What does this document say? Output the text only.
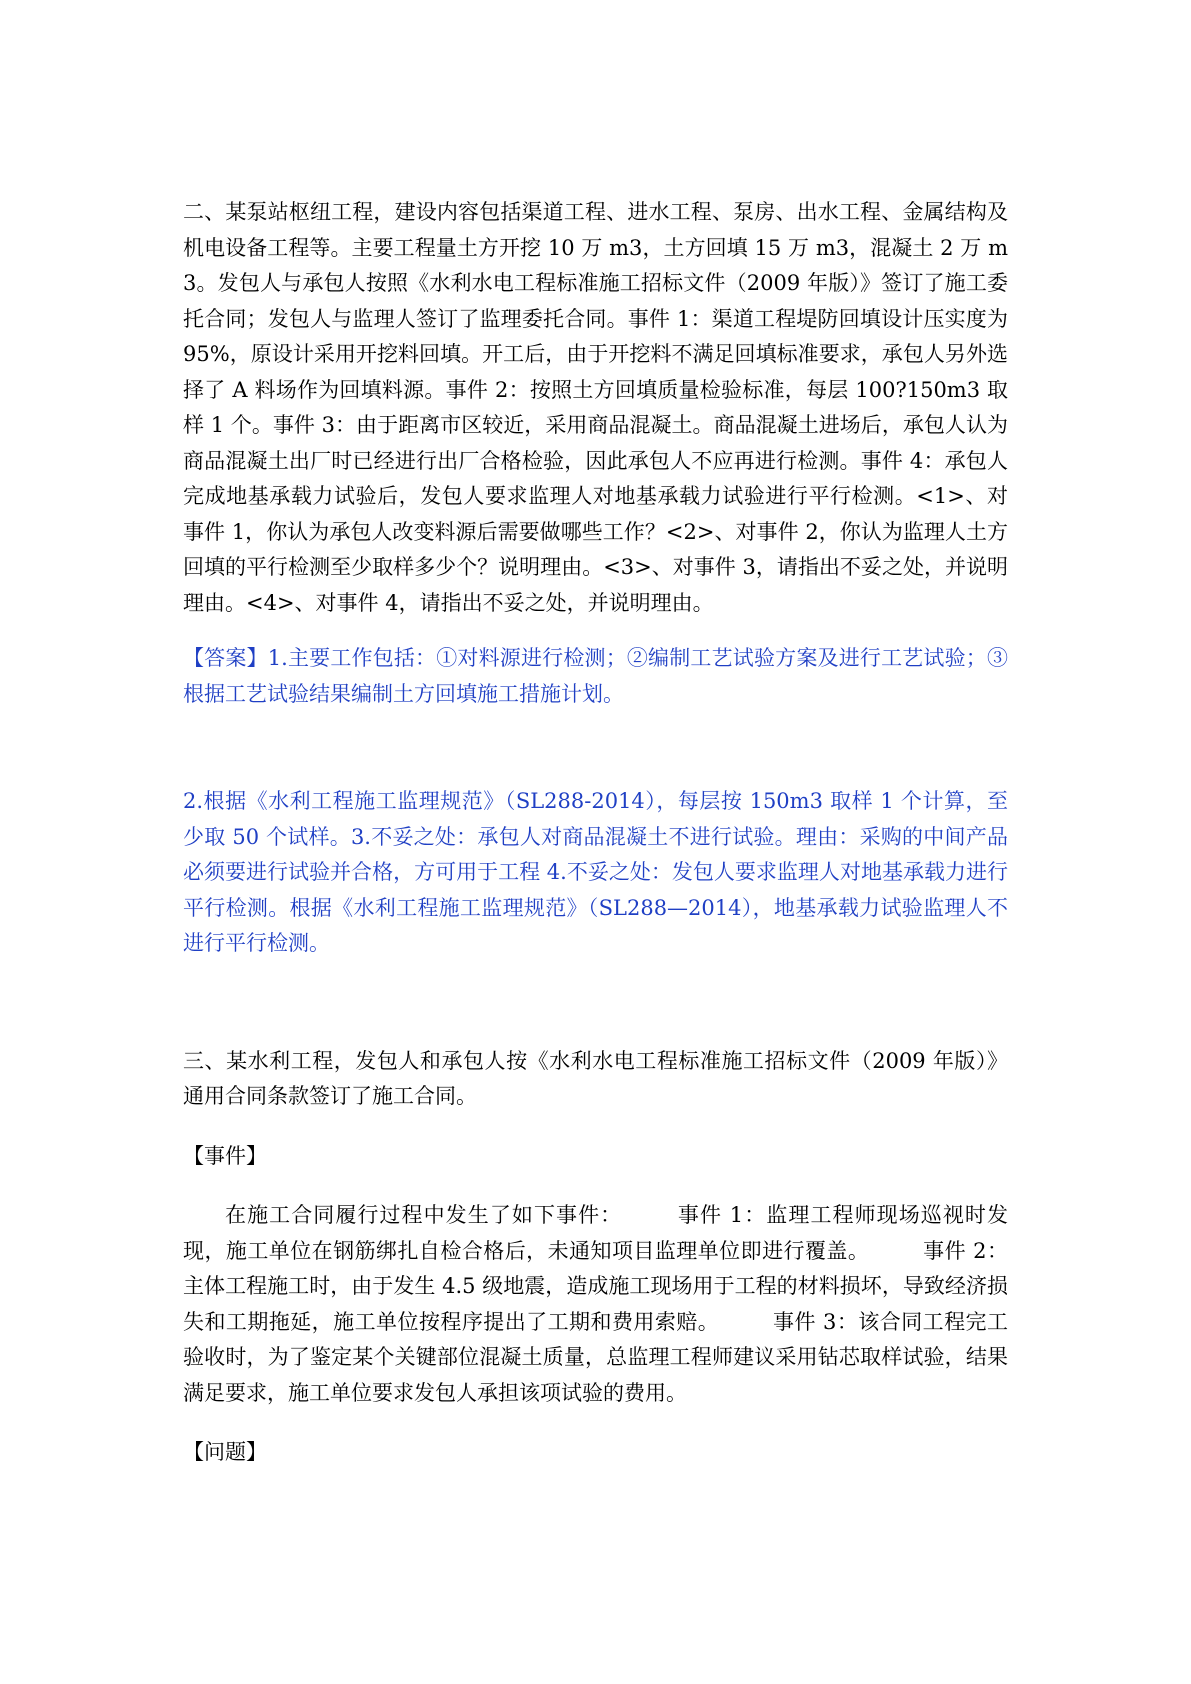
二、某泵站枢纽工程，建设内容包括渠道工程、进水工程、泵房、出水工程、金属结构及机电设备工程等。主要工程量土方开挖 10 万 m3，土方回填 15 万 m3，混凝土 2 万 m3。发包人与承包人按照《水利水电工程标准施工招标文件（2009 年版）》签订了施工委托合同；发包人与监理人签订了监理委托合同。事件 1：渠道工程堤防回填设计压实度为 95%，原设计采用开挖料回填。开工后，由于开挖料不满足回填标准要求，承包人另外选择了 A 料场作为回填料源。事件 2：按照土方回填质量检验标准，每层 100?150m3 取样 1 个。事件 3：由于距离市区较近，采用商品混凝土。商品混凝土进场后，承包人认为商品混凝土出厂时已经进行出厂合格检验，因此承包人不应再进行检测。事件 4：承包人完成地基承载力试验后，发包人要求监理人对地基承载力试验进行平行检测。<1>、对事件 1，你认为承包人改变料源后需要做哪些工作？<2>、对事件 2，你认为监理人土方回填的平行检测至少取样多少个？说明理由。<3>、对事件 3，请指出不妥之处，并说明理由。<4>、对事件 4，请指出不妥之处，并说明理由。

【答案】1.主要工作包括：①对料源进行检测；②编制工艺试验方案及进行工艺试验；③根据工艺试验结果编制土方回填施工措施计划。

2.根据《水利工程施工监理规范》（SL288-2014），每层按 150m3 取样 1 个计算，至少取 50 个试样。3.不妥之处：承包人对商品混凝土不进行试验。理由：采购的中间产品必须要进行试验并合格，方可用于工程 4.不妥之处：发包人要求监理人对地基承载力进行平行检测。根据《水利工程施工监理规范》（SL288—2014），地基承载力试验监理人不进行平行检测。

三、某水利工程，发包人和承包人按《水利水电工程标准施工招标文件（2009 年版）》通用合同条款签订了施工合同。

【事件】

在施工合同履行过程中发生了如下事件：　　　事件 1：监理工程师现场巡视时发现，施工单位在钢筋绑扎自检合格后，未通知项目监理单位即进行覆盖。　　　事件 2：主体工程施工时，由于发生 4.5 级地震，造成施工现场用于工程的材料损坏，导致经济损失和工期拖延，施工单位按程序提出了工期和费用索赔。　　　事件 3：该合同工程完工验收时，为了鉴定某个关键部位混凝土质量，总监理工程师建议采用钻芯取样试验，结果满足要求，施工单位要求发包人承担该项试验的费用。

【问题】
